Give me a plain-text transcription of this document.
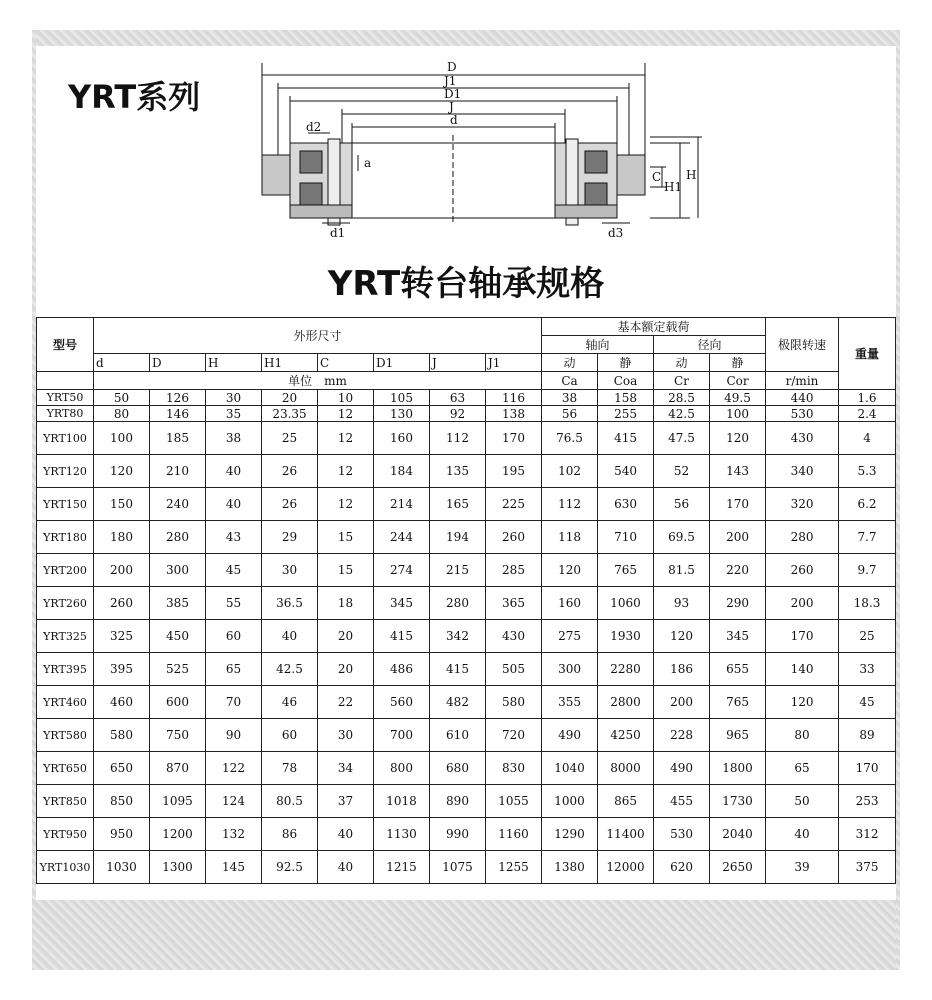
YRT系列
D
J1
D1
J
d
d2
a
C
H1
H
d1	d3
YRT转台轴承规格
型号	外形尺寸								基本额定载荷				极限转速	重量
									轴向		径向			
	d	D	H	H1	C	D1	J	J1	动	静	动	静		
	单位　mm								Ca	Coa	Cr	Cor	r/min	
YRT50	50	126	30	20	10	105	63	116	38	158	28.5	49.5	440	1.6
YRT80	80	146	35	23.35	12	130	92	138	56	255	42.5	100	530	2.4
YRT100	100	185	38	25	12	160	112	170	76.5	415	47.5	120	430	4
YRT120	120	210	40	26	12	184	135	195	102	540	52	143	340	5.3
YRT150	150	240	40	26	12	214	165	225	112	630	56	170	320	6.2
YRT180	180	280	43	29	15	244	194	260	118	710	69.5	200	280	7.7
YRT200	200	300	45	30	15	274	215	285	120	765	81.5	220	260	9.7
YRT260	260	385	55	36.5	18	345	280	365	160	1060	93	290	200	18.3
YRT325	325	450	60	40	20	415	342	430	275	1930	120	345	170	25
YRT395	395	525	65	42.5	20	486	415	505	300	2280	186	655	140	33
YRT460	460	600	70	46	22	560	482	580	355	2800	200	765	120	45
YRT580	580	750	90	60	30	700	610	720	490	4250	228	965	80	89
YRT650	650	870	122	78	34	800	680	830	1040	8000	490	1800	65	170
YRT850	850	1095	124	80.5	37	1018	890	1055	1000	865	455	1730	50	253
YRT950	950	1200	132	86	40	1130	990	1160	1290	11400	530	2040	40	312
YRT1030	1030	1300	145	92.5	40	1215	1075	1255	1380	12000	620	2650	39	375
